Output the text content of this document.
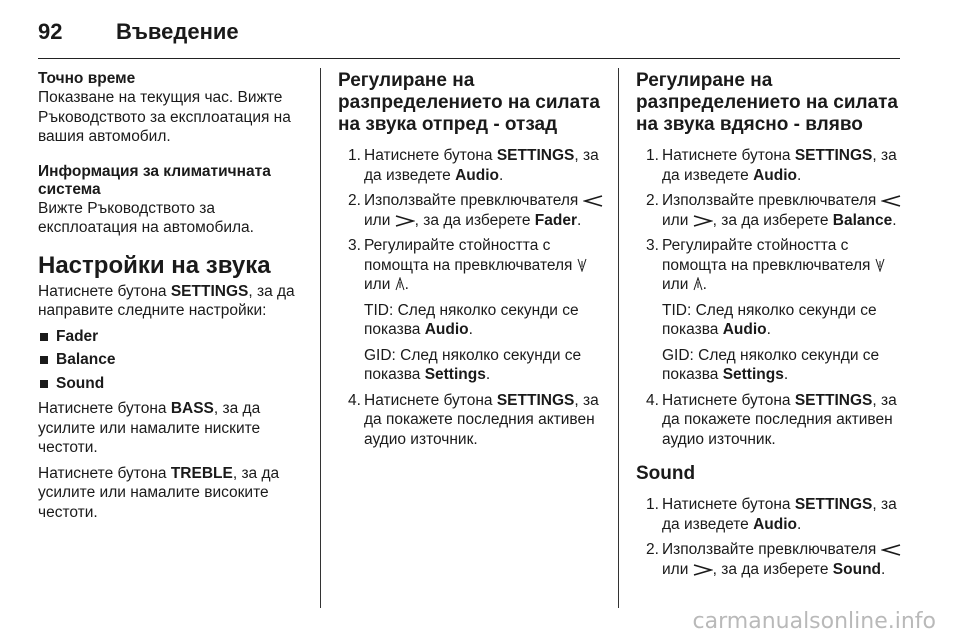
92	Въведение
Точно време

Показване на текущия час. Вижте Ръководството за експлоатация на вашия автомобил.

Информация за климатичната система

Вижте Ръководството за експлоатация на автомобила.

Настройки на звука

Натиснете бутона SETTINGS, за да направите следните настройки:

Fader
Balance
Sound

Натиснете бутона BASS, за да усилите или намалите ниските честоти.

Натиснете бутона TREBLE, за да усилите или намалите високите честоти.

Регулиране на разпределението на силата на звука отпред - отзад
1. Натиснете бутона SETTINGS, за да изведете Audio.
2. Използвайте превключвателя  или , за да изберете Fader.
3. Регулирайте стойността с помощта на превключвателя  или .
TID: След няколко секунди се показва Audio.
GID: След няколко секунди се показва Settings.
4. Натиснете бутона SETTINGS, за да покажете последния активен аудио източник.
Регулиране на разпределението на силата на звука вдясно - вляво
1. Натиснете бутона SETTINGS, за да изведете Audio.
2. Използвайте превключвателя  или , за да изберете Balance.
3. Регулирайте стойността с помощта на превключвателя  или .
TID: След няколко секунди се показва Audio.
GID: След няколко секунди се показва Settings.
4. Натиснете бутона SETTINGS, за да покажете последния активен аудио източник.
Sound
1. Натиснете бутона SETTINGS, за да изведете Audio.
2. Използвайте превключвателя  или , за да изберете Sound.
carmanualsonline.info
